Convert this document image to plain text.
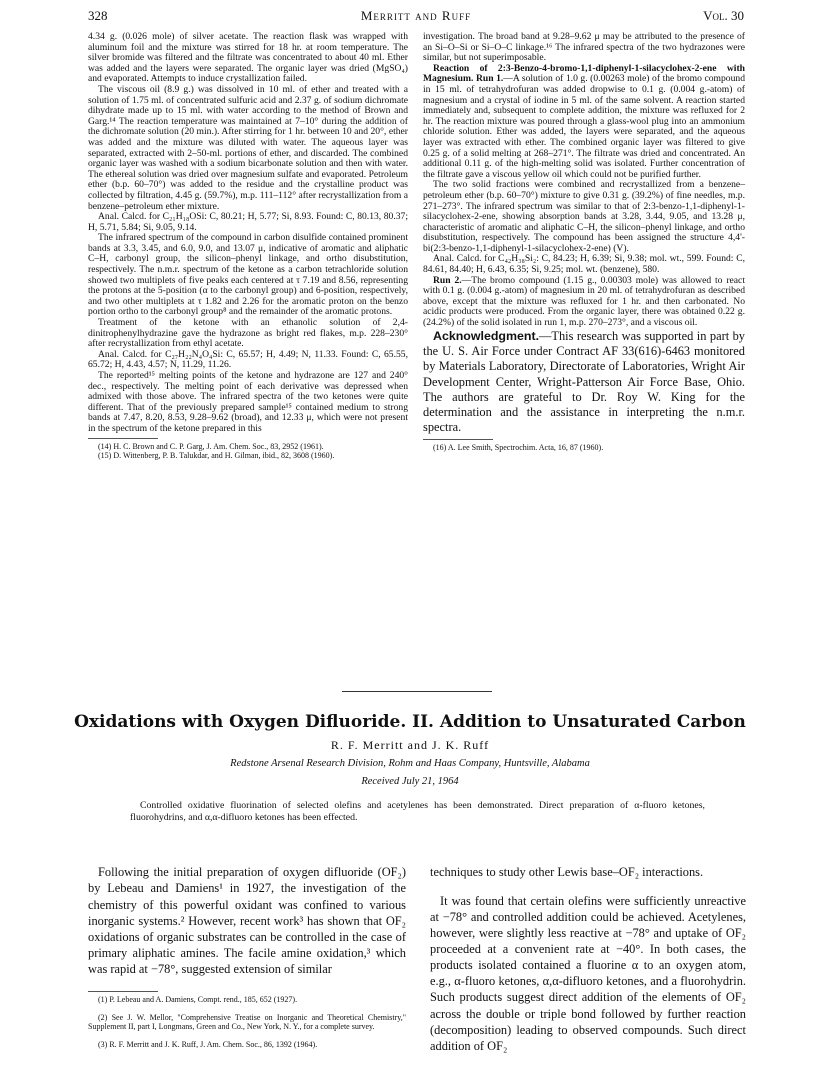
328	Merritt and Ruff	Vol. 30

4.34 g. (0.026 mole) of silver acetate. The reaction flask was wrapped with aluminum foil and the mixture was stirred for 18 hr. at room temperature. The silver bromide was filtered and the filtrate was concentrated to about 40 ml. Ether was added and the layers were separated. The organic layer was dried (MgSO₄) and evaporated. Attempts to induce crystallization failed.

The viscous oil (8.9 g.) was dissolved in 10 ml. of ether and treated with a solution of 1.75 ml. of concentrated sulfuric acid and 2.37 g. of sodium dichromate dihydrate made up to 15 ml. with water according to the method of Brown and Garg.¹⁴ The reaction temperature was maintained at 7–10° during the addition of the dichromate solution (20 min.). After stirring for 1 hr. between 10 and 20°, ether was added and the mixture was diluted with water. The aqueous layer was separated, extracted with 2–50-ml. portions of ether, and discarded. The combined organic layer was washed with a sodium bicarbonate solution and then with water. The ethereal solution was dried over magnesium sulfate and evaporated. Petroleum ether (b.p. 60–70°) was added to the residue and the crystalline product was collected by filtration, 4.45 g. (59.7%), m.p. 111–112° after recrystallization from a benzene–petroleum ether mixture.

Anal. Calcd. for C₂₁H₁₈OSi: C, 80.21; H, 5.77; Si, 8.93. Found: C, 80.13, 80.37; H, 5.71, 5.84; Si, 9.05, 9.14.

The infrared spectrum of the compound in carbon disulfide contained prominent bands at 3.3, 3.45, and 6.0, 9.0, and 13.07 μ, indicative of aromatic and aliphatic C–H, carbonyl group, the silicon–phenyl linkage, and ortho disubstitution, respectively. The n.m.r. spectrum of the ketone as a carbon tetrachloride solution showed two multiplets of five peaks each centered at τ 7.19 and 8.56, representing the protons at the 5-position (α to the carbonyl group) and 6-position, respectively, and two other multiplets at τ 1.82 and 2.26 for the aromatic proton on the benzo portion ortho to the carbonyl group⁸ and the remainder of the aromatic protons.

Treatment of the ketone with an ethanolic solution of 2,4-dinitrophenylhydrazine gave the hydrazone as bright red flakes, m.p. 228–230° after recrystallization from ethyl acetate.

Anal. Calcd. for C₂₇H₂₂N₄O₄Si: C, 65.57; H, 4.49; N, 11.33. Found: C, 65.55, 65.72; H, 4.43, 4.57; N, 11.29, 11.26.

The reported¹⁵ melting points of the ketone and hydrazone are 127 and 240° dec., respectively. The melting point of each derivative was depressed when admixed with those above. The infrared spectra of the two ketones were quite different. That of the previously prepared sample¹⁵ contained medium to strong bands at 7.47, 8.20, 8.53, 9.28–9.62 (broad), and 12.33 μ, which were not present in the spectrum of the ketone prepared in this

(14) H. C. Brown and C. P. Garg, J. Am. Chem. Soc., 83, 2952 (1961).

(15) D. Wittenberg, P. B. Talukdar, and H. Gilman, ibid., 82, 3608 (1960).

investigation. The broad band at 9.28–9.62 μ may be attributed to the presence of an Si–O–Si or Si–O–C linkage.¹⁶ The infrared spectra of the two hydrazones were similar, but not superimposable.

Reaction of 2:3-Benzo-4-bromo-1,1-diphenyl-1-silacyclohex-2-ene with Magnesium. Run 1.—A solution of 1.0 g. (0.00263 mole) of the bromo compound in 15 ml. of tetrahydrofuran was added dropwise to 0.1 g. (0.004 g.-atom) of magnesium and a crystal of iodine in 5 ml. of the same solvent. A reaction started immediately and, subsequent to complete addition, the mixture was refluxed for 2 hr. The reaction mixture was poured through a glass-wool plug into an ammonium chloride solution. Ether was added, the layers were separated, and the aqueous layer was extracted with ether. The combined organic layer was filtered to give 0.25 g. of a solid melting at 268–271°. The filtrate was dried and concentrated. An additional 0.11 g. of the high-melting solid was isolated. Further concentration of the filtrate gave a viscous yellow oil which could not be purified further.

The two solid fractions were combined and recrystallized from a benzene–petroleum ether (b.p. 60–70°) mixture to give 0.31 g. (39.2%) of fine needles, m.p. 271–273°. The infrared spectrum was similar to that of 2:3-benzo-1,1-diphenyl-1-silacyclohex-2-ene, showing absorption bands at 3.28, 3.44, 9.05, and 13.28 μ, characteristic of aromatic and aliphatic C–H, the silicon–phenyl linkage, and ortho disubstitution, respectively. The compound has been assigned the structure 4,4'-bi(2:3-benzo-1,1-diphenyl-1-silacyclohex-2-ene) (V).

Anal. Calcd. for C₄₂H₃₈Si₂: C, 84.23; H, 6.39; Si, 9.38; mol. wt., 599. Found: C, 84.61, 84.40; H, 6.43, 6.35; Si, 9.25; mol. wt. (benzene), 580.

Run 2.—The bromo compound (1.15 g., 0.00303 mole) was allowed to react with 0.1 g. (0.004 g.-atom) of magnesium in 20 ml. of tetrahydrofuran as described above, except that the mixture was refluxed for 1 hr. and then carbonated. No acidic products were produced. From the organic layer, there was obtained 0.22 g. (24.2%) of the solid isolated in run 1, m.p. 270–273°, and a viscous oil.

Acknowledgment.—This research was supported in part by the U. S. Air Force under Contract AF 33(616)-6463 monitored by Materials Laboratory, Directorate of Laboratories, Wright Air Development Center, Wright-Patterson Air Force Base, Ohio. The authors are grateful to Dr. Roy W. King for the determination and the assistance in interpreting the n.m.r. spectra.

(16) A. Lee Smith, Spectrochim. Acta, 16, 87 (1960).

Oxidations with Oxygen Difluoride. II. Addition to Unsaturated Carbon
R. F. Merritt and J. K. Ruff
Redstone Arsenal Research Division, Rohm and Haas Company, Huntsville, Alabama
Received July 21, 1964
Controlled oxidative fluorination of selected olefins and acetylenes has been demonstrated. Direct preparation of α-fluoro ketones, fluorohydrins, and α,α-difluoro ketones has been effected.

Following the initial preparation of oxygen difluoride (OF₂) by Lebeau and Damiens¹ in 1927, the investigation of the chemistry of this powerful oxidant was confined to various inorganic systems.² However, recent work³ has shown that OF₂ oxidations of organic substrates can be controlled in the case of primary aliphatic amines. The facile amine oxidation,³ which was rapid at −78°, suggested extension of similar

(1) P. Lebeau and A. Damiens, Compt. rend., 185, 652 (1927).

(2) See J. W. Mellor, "Comprehensive Treatise on Inorganic and Theoretical Chemistry," Supplement II, part I, Longmans, Green and Co., New York, N. Y., for a complete survey.

(3) R. F. Merritt and J. K. Ruff, J. Am. Chem. Soc., 86, 1392 (1964).

techniques to study other Lewis base–OF₂ interactions.

It was found that certain olefins were sufficiently unreactive at −78° and controlled addition could be achieved. Acetylenes, however, were slightly less reactive at −78° and uptake of OF₂ proceeded at a convenient rate at −40°. In both cases, the products isolated contained a fluorine α to an oxygen atom, e.g., α-fluoro ketones, α,α-difluoro ketones, and a fluorohydrin. Such products suggest direct addition of the elements of OF₂ across the double or triple bond followed by further reaction (decomposition) leading to observed compounds. Such direct addition of OF₂
